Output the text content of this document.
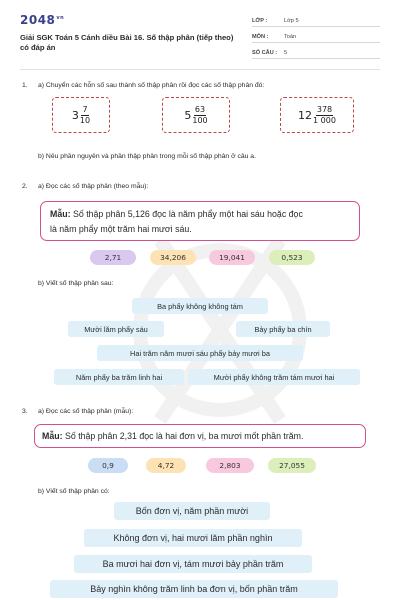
$2048^{vn}$
Giải SGK Toán 5 Cánh diều Bài 16. Số thập phân (tiếp theo) có đáp án
LỚP :	Lớp 5
MÔN :	Toán
SỐ CÂU : 5
1. a) Chuyển các hỗn số sau thành số thập phân rồi đọc các số thập phân đó:
$3 \frac{7}{10}$	$5 \frac{63}{100}$	$12 \frac{378}{1 000}$
b) Nêu phần nguyên và phần thập phân trong mỗi số thập phân ở câu a.
2. a) Đọc các số thập phân (theo mẫu):
Mẫu: Số thập phân 5,126 đọc là năm phẩy một hai sáu hoặc đọc
là năm phẩy một trăm hai mươi sáu.
2,71	34,206	19,041	0,523
b) Viết số thập phân sau:
Ba phẩy không không tám
Mười lăm phẩy sáu	Bảy phẩy ba chín
Hai trăm năm mươi sáu phẩy bảy mươi ba
Năm phẩy ba trăm linh hai	Mười phẩy không trăm tám mươi hai
3. a) Đọc các số thập phân (mẫu):
Mẫu: Số thập phân 2,31 đọc là hai đơn vị, ba mươi mốt phần trăm.
0,9	4,72	2,803	27,055
b) Viết số thập phân có:
Bốn đơn vị, năm phần mười
Không đơn vị, hai mươi lăm phần nghìn
Ba mươi hai đơn vị, tám mươi bảy phần trăm
Bảy nghìn không trăm linh ba đơn vị, bốn phần trăm
